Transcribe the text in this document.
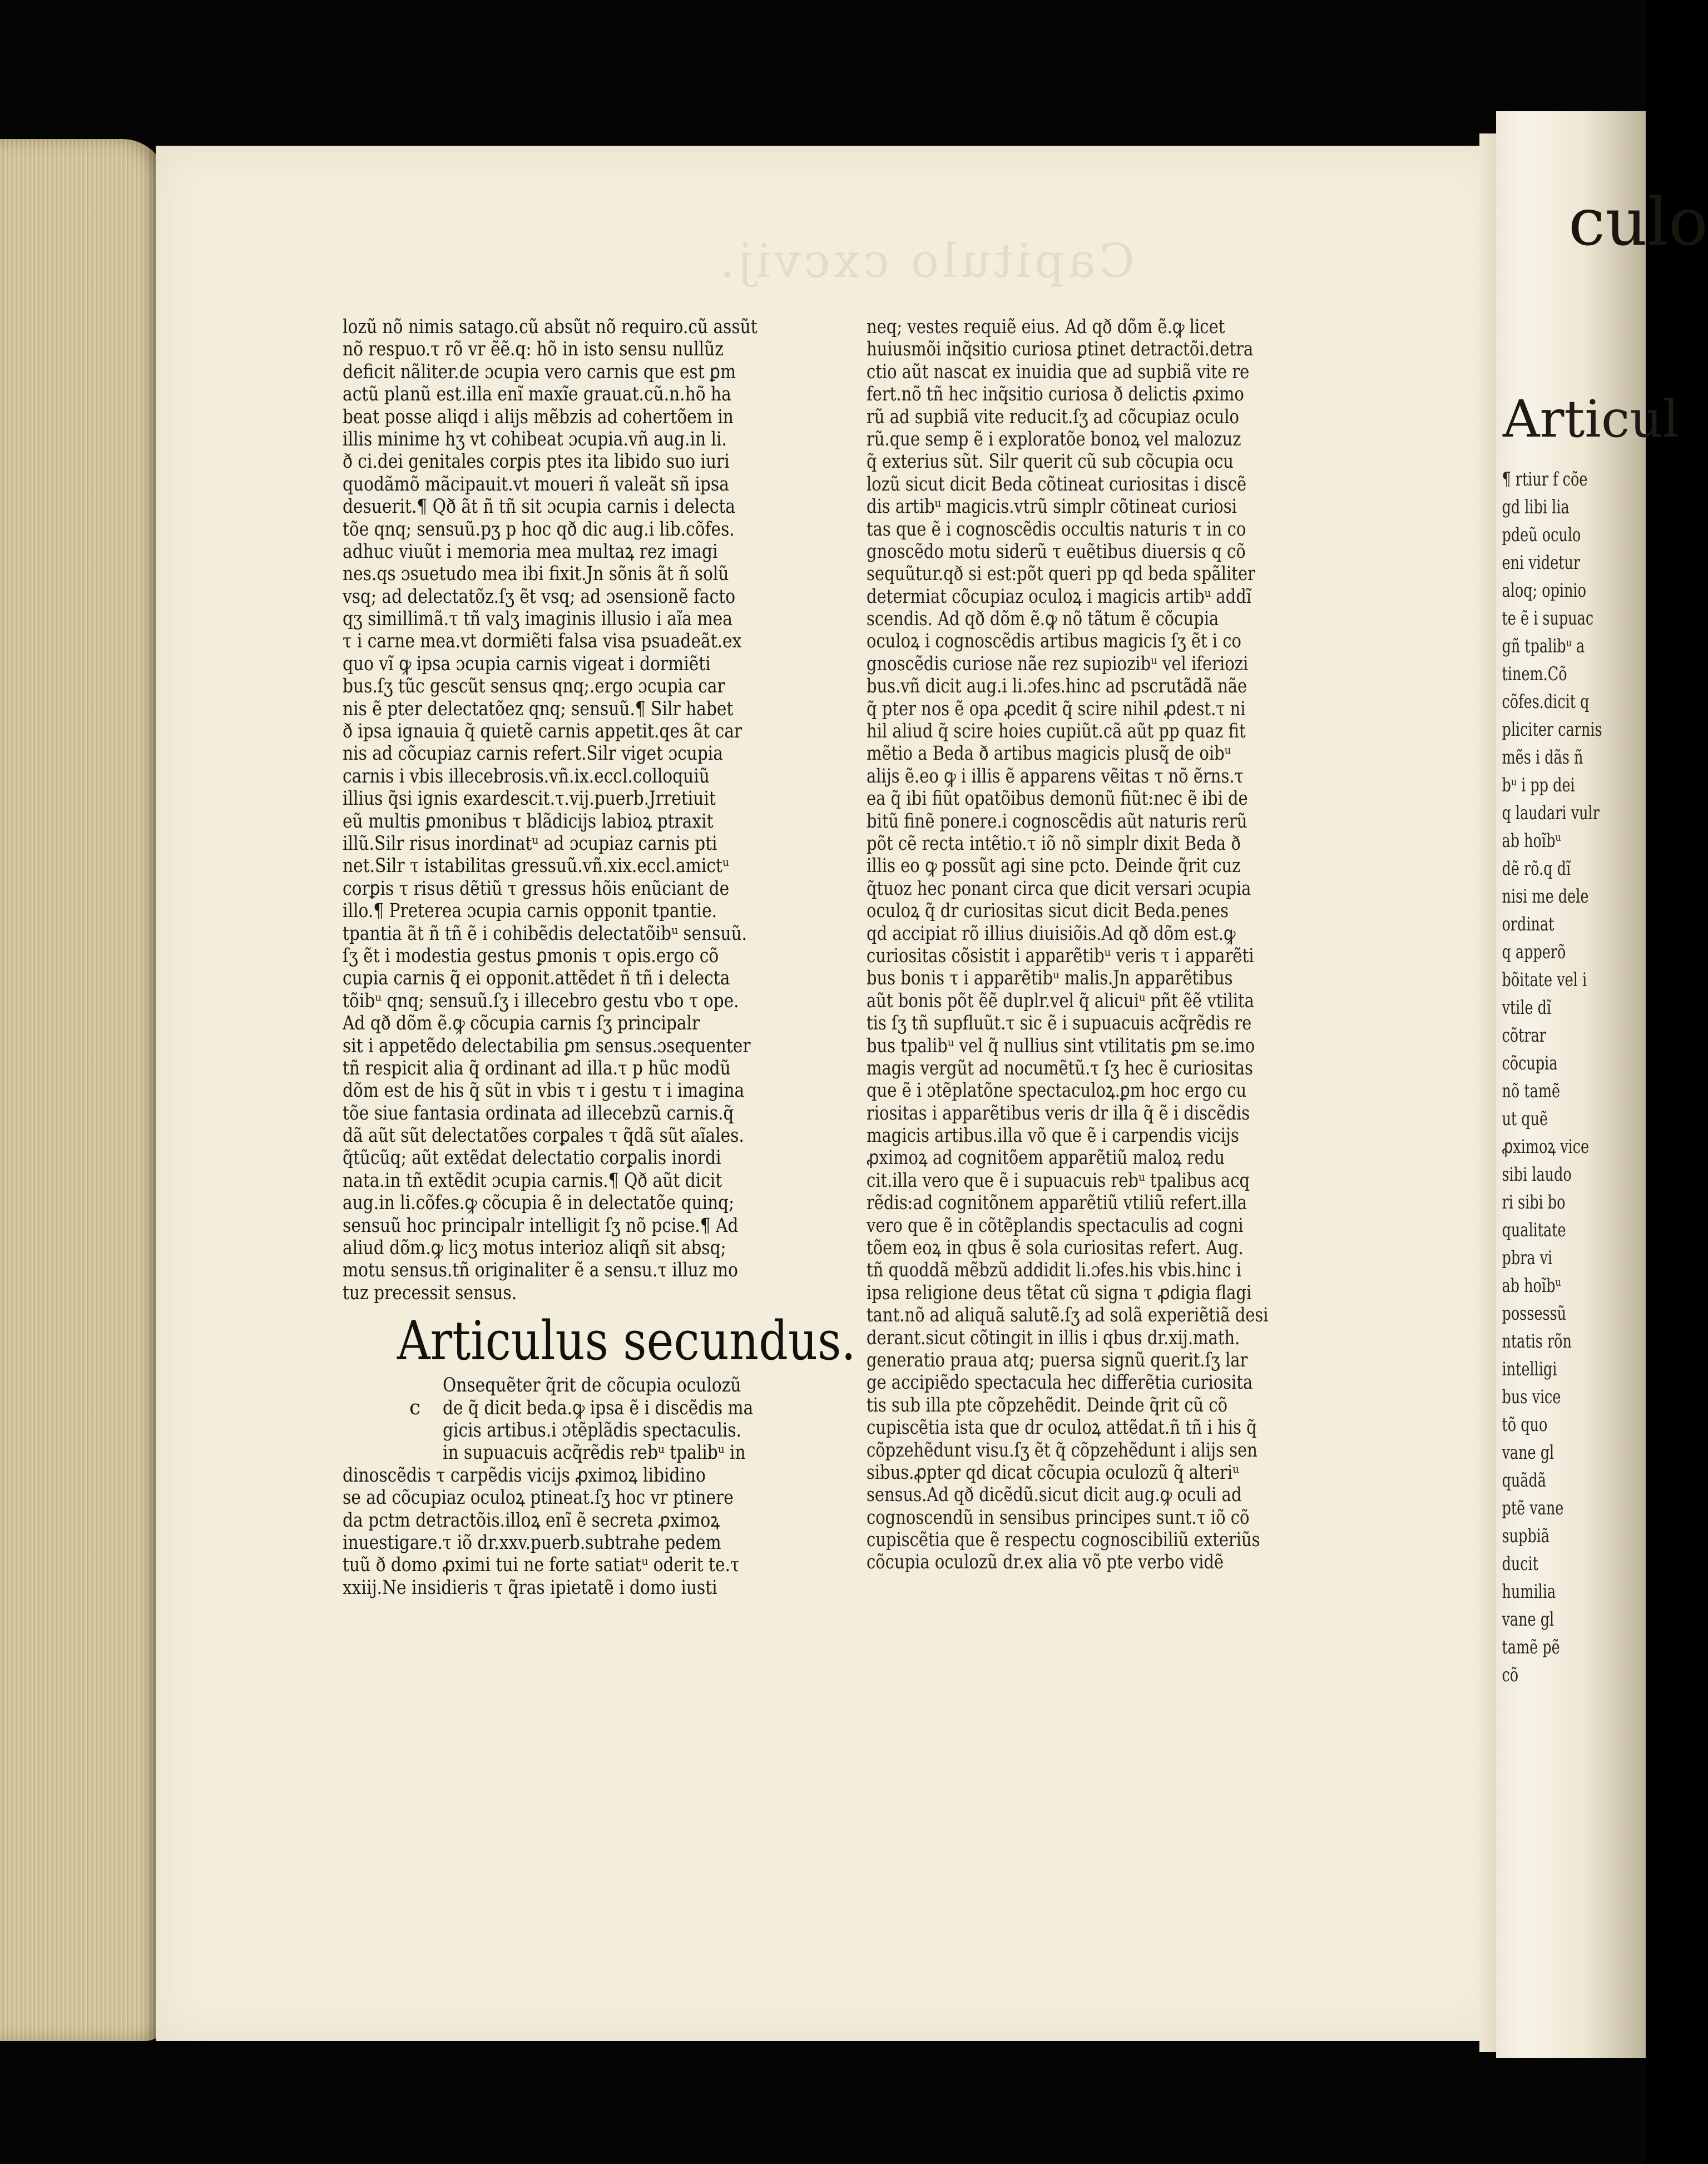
Capitulo cxcvij.
lozũ nõ nimis satago.cũ absũt nõ requiro.cũ assũt
nõ respuo.τ rõ vr ẽẽ.q: hõ in isto sensu nullũz
deficit nãliter.de ɔcupia vero carnis que est ꝑm
actũ planũ est.illa enĩ maxĩe grauat.cũ.n.hõ ha
beat posse aliqd i alijs mẽbzis ad cohertõem in
illis minime hʒ vt cohibeat ɔcupia.vñ aug.in li.
ð ci.dei genitales corꝑis ptes ita libido suo iuri
quodãmõ mãcipauit.vt moueri ñ valeãt sñ ipsa
desuerit.¶ Qð ãt ñ tñ sit ɔcupia carnis i delecta
tõe qnq; sensuũ.pʒ p hoc qð dic aug.i lib.cõfes.
adhuc viuũt i memoria mea multaꝝ rez imagi
nes.qs ɔsuetudo mea ibi fixit.Jn sõnis ãt ñ solũ
vsq; ad delectatõz.ſʒ ẽt vsq; ad ɔsensionẽ facto
qʒ simillimã.τ tñ valʒ imaginis illusio i aĩa mea
τ i carne mea.vt dormiẽti falsa visa psuadeãt.ex
quo vĩ ꝙ ipsa ɔcupia carnis vigeat i dormiẽti
bus.ſʒ tũc gescũt sensus qnq;.ergo ɔcupia car
nis ẽ pter delectatõez qnq; sensuũ.¶ Silr habet
ð ipsa ignauia q̃ quietẽ carnis appetit.qes ãt car
nis ad cõcupiaz carnis refert.Silr viget ɔcupia
carnis i vbis illecebrosis.vñ.ix.eccl.colloquiũ
illius q̃si ignis exardescit.τ.vij.puerb.Jrretiuit
eũ multis ꝑmonibus τ blãdicijs labioꝝ ptraxit
illũ.Silr risus inordinatᵘ ad ɔcupiaz carnis pti
net.Silr τ istabilitas gressuũ.vñ.xix.eccl.amictᵘ
corꝑis τ risus dẽtiũ τ gressus hõis enũciant de
illo.¶ Preterea ɔcupia carnis opponit tpantie.
tpantia ãt ñ tñ ẽ i cohibẽdis delectatõibᵘ sensuũ.
ſʒ ẽt i modestia gestus ꝑmonis τ opis.ergo cõ
cupia carnis q̃ ei opponit.attẽdet ñ tñ i delecta
tõibᵘ qnq; sensuũ.ſʒ i illecebro gestu vbo τ ope.
Ad qð dõm ẽ.ꝙ cõcupia carnis ſʒ principalr
sit i appetẽdo delectabilia ꝑm sensus.ɔsequenter
tñ respicit alia q̃ ordinant ad illa.τ p hũc modũ
dõm est de his q̃ sũt in vbis τ i gestu τ i imagina
tõe siue fantasia ordinata ad illecebzũ carnis.q̃
dã aũt sũt delectatões corꝑales τ q̃dã sũt aĩales.
q̃tũcũq; aũt extẽdat delectatio corꝑalis inordi
nata.in tñ extẽdit ɔcupia carnis.¶ Qð aũt dicit
aug.in li.cõfes.ꝙ cõcupia ẽ in delectatõe quinq;
sensuũ hoc principalr intelligit ſʒ nõ pcise.¶ Ad
aliud dõm.ꝙ licʒ motus interioz aliqñ sit absq;
motu sensus.tñ originaliter ẽ a sensu.τ illuz mo
tuz precessit sensus.
Articulus secundus.
Onsequẽter q̃rit de cõcupia oculozũ
c de q̃ dicit beda.ꝙ ipsa ẽ i discẽdis ma
gicis artibus.i ɔtẽplãdis spectaculis.
in supuacuis acq̃rẽdis rebᵘ tpalibᵘ in
dinoscẽdis τ carpẽdis vicijs ꝓximoꝝ libidino
se ad cõcupiaz oculoꝝ ptineat.ſʒ hoc vr ptinere
da pctm detractõis.illoꝝ enĩ ẽ secreta ꝓximoꝝ
inuestigare.τ iõ dr.xxv.puerb.subtrahe pedem
tuũ ð domo ꝓximi tui ne forte satiatᵘ oderit te.τ
xxiij.Ne insidieris τ q̃ras ipietatẽ i domo iusti
neq; vestes requiẽ eius. Ad qð dõm ẽ.ꝙ licet
huiusmõi inq̃sitio curiosa ꝑtinet detractõi.detra
ctio aũt nascat ex inuidia que ad supbiã vite re
fert.nõ tñ hec inq̃sitio curiosa ð delictis ꝓximo
rũ ad supbiã vite reducit.ſʒ ad cõcupiaz oculo
rũ.que semp ẽ i exploratõe bonoꝝ vel malozuz
q̃ exterius sũt. Silr querit cũ sub cõcupia ocu
lozũ sicut dicit Beda cõtineat curiositas i discẽ
dis artibᵘ magicis.vtrũ simplr cõtineat curiosi
tas que ẽ i cognoscẽdis occultis naturis τ in co
gnoscẽdo motu siderũ τ euẽtibus diuersis q cõ
sequũtur.qð si est:põt queri pp qd beda spãliter
determiat cõcupiaz oculoꝝ i magicis artibᵘ addĩ
scendis. Ad qð dõm ẽ.ꝙ nõ tãtum ẽ cõcupia
oculoꝝ i cognoscẽdis artibus magicis ſʒ ẽt i co
gnoscẽdis curiose nãe rez supiozibᵘ vel iferiozi
bus.vñ dicit aug.i li.ɔfes.hinc ad pscrutãdã nãe
q̃ pter nos ẽ opa ꝓcedit q̃ scire nihil ꝓdest.τ ni
hil aliud q̃ scire hoies cupiũt.cã aũt pp quaz fit
mẽtio a Beda ð artibus magicis plusq̃ de oibᵘ
alijs ẽ.eo ꝙ i illis ẽ apparens vẽitas τ nõ ẽrns.τ
ea q̃ ibi fiũt opatõibus demonũ fiũt:nec ẽ ibi de
bitũ finẽ ponere.i cognoscẽdis aũt naturis rerũ
põt cẽ recta intẽtio.τ iõ nõ simplr dixit Beda ð
illis eo ꝙ possũt agi sine pcto. Deinde q̃rit cuz
q̃tuoz hec ponant circa que dicit versari ɔcupia
oculoꝝ q̃ dr curiositas sicut dicit Beda.penes
qd accipiat rõ illius diuisiõis.Ad qð dõm est.ꝙ
curiositas cõsistit i apparẽtibᵘ veris τ i apparẽti
bus bonis τ i apparẽtibᵘ malis.Jn apparẽtibus
aũt bonis põt ẽẽ duplr.vel q̃ alicuiᵘ pñt ẽẽ vtilita
tis ſʒ tñ supfluũt.τ sic ẽ i supuacuis acq̃rẽdis re
bus tpalibᵘ vel q̃ nullius sint vtilitatis ꝑm se.imo
magis vergũt ad nocumẽtũ.τ ſʒ hec ẽ curiositas
que ẽ i ɔtẽplatõne spectaculoꝝ.ꝑm hoc ergo cu
riositas i apparẽtibus veris dr illa q̃ ẽ i discẽdis
magicis artibus.illa võ que ẽ i carpendis vicijs
ꝓximoꝝ ad cognitõem apparẽtiũ maloꝝ redu
cit.illa vero que ẽ i supuacuis rebᵘ tpalibus acq
rẽdis:ad cognitõnem apparẽtiũ vtiliũ refert.illa
vero que ẽ in cõtẽplandis spectaculis ad cogni
tõem eoꝝ in qbus ẽ sola curiositas refert. Aug.
tñ quoddã mẽbzũ addidit li.ɔfes.his vbis.hinc i
ipsa religione deus tẽtat cũ signa τ ꝓdigia flagi
tant.nõ ad aliquã salutẽ.ſʒ ad solã experiẽtiã desi
derant.sicut cõtingit in illis i qbus dr.xij.math.
generatio praua atq; puersa signũ querit.ſʒ lar
ge accipiẽdo spectacula hec differẽtia curiosita
tis sub illa pte cõpzehẽdit. Deinde q̃rit cũ cõ
cupiscẽtia ista que dr oculoꝝ attẽdat.ñ tñ i his q̃
cõpzehẽdunt visu.ſʒ ẽt q̃ cõpzehẽdunt i alijs sen
sibus.ꝓpter qd dicat cõcupia oculozũ q̃ alteriᵘ
sensus.Ad qð dicẽdũ.sicut dicit aug.ꝙ oculi ad
cognoscendũ in sensibus principes sunt.τ iõ cõ
cupiscẽtia que ẽ respectu cognoscibiliũ exteriũs
cõcupia oculozũ dr.ex alia võ pte verbo vidẽ
culo
Articul
¶ rtiur f cõe
gd libi lia
pdeũ oculo
eni videtur
aloq; opinio
te ẽ i supuac
gñ tpalibᵘ a
tinem.Cõ
cõfes.dicit q
pliciter carnis
mẽs i dãs ñ
bᵘ i pp dei
q laudari vulr
ab hoĩbᵘ
dẽ rõ.q dĩ
nisi me dele
ordinat
q apperõ
bõitate vel i
vtile dĩ
cõtrar
cõcupia
nõ tamẽ
ut quẽ
ꝓximoꝝ vice
sibi laudo
ri sibi bo
qualitate
pbra vi
ab hoĩbᵘ
possessũ
ntatis rõn
intelligi
bus vice
tõ quo
vane gl
quãdã
ptẽ vane
supbiã
ducit
humilia
vane gl
tamẽ pẽ
cõ
